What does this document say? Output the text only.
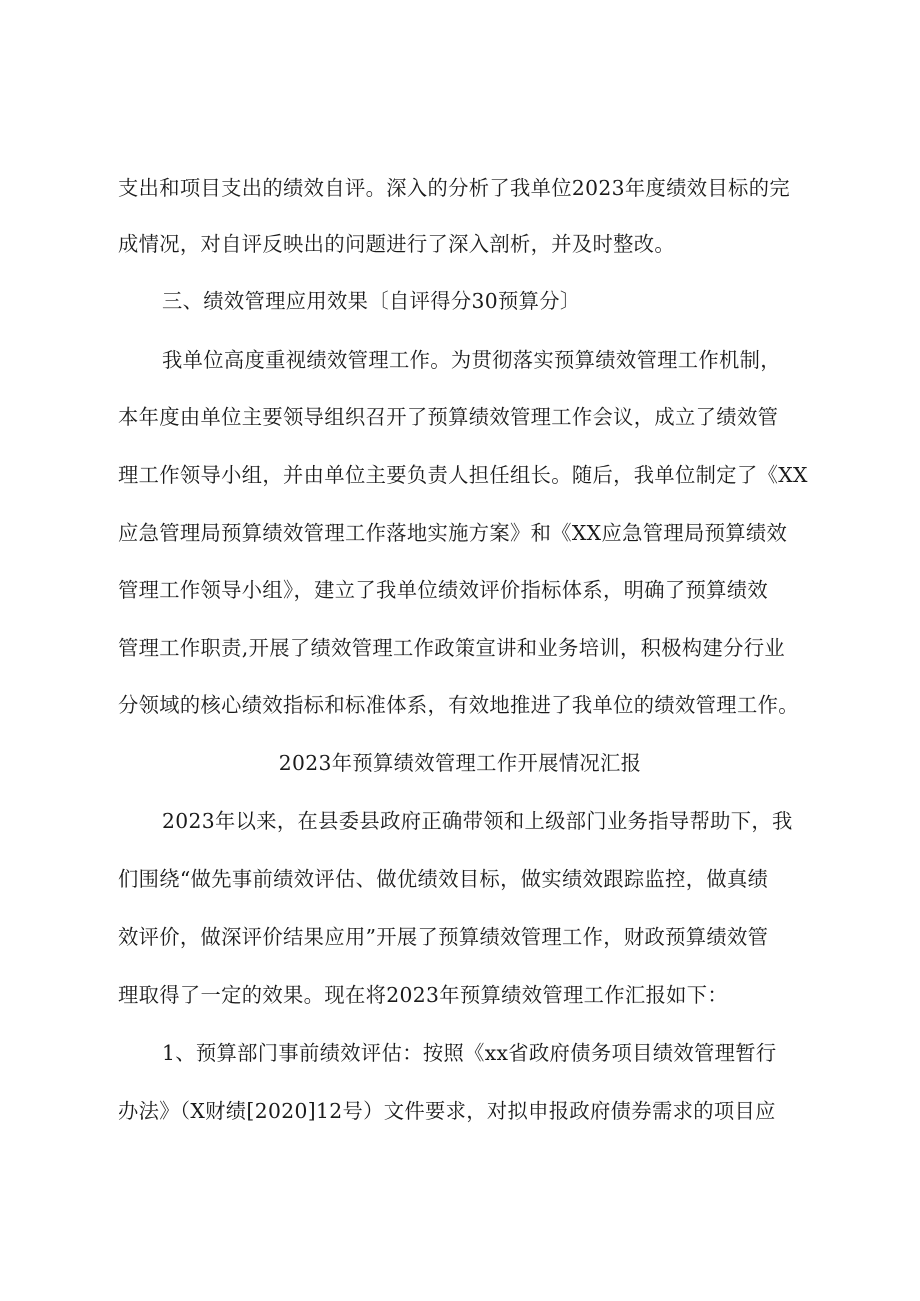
支出和项目支出的绩效自评。深入的分析了我单位2023年度绩效目标的完
成情况，对自评反映出的问题进行了深入剖析，并及时整改。
三、绩效管理应用效果〔自评得分30预算分〕
我单位高度重视绩效管理工作。为贯彻落实预算绩效管理工作机制，
本年度由单位主要领导组织召开了预算绩效管理工作会议，成立了绩效管
理工作领导小组，并由单位主要负责人担任组长。随后，我单位制定了《XX
应急管理局预算绩效管理工作落地实施方案》和《XX应急管理局预算绩效
管理工作领导小组》，建立了我单位绩效评价指标体系，明确了预算绩效
管理工作职责,开展了绩效管理工作政策宣讲和业务培训，积极构建分行业
分领域的核心绩效指标和标准体系，有效地推进了我单位的绩效管理工作。
2023年预算绩效管理工作开展情况汇报
2023年以来，在县委县政府正确带领和上级部门业务指导帮助下，我
们围绕“做先事前绩效评估、做优绩效目标，做实绩效跟踪监控，做真绩
效评价，做深评价结果应用”开展了预算绩效管理工作，财政预算绩效管
理取得了一定的效果。现在将2023年预算绩效管理工作汇报如下：
1、预算部门事前绩效评估：按照《xx省政府债务项目绩效管理暂行
办法》（X财绩[2020]12号）文件要求，对拟申报政府债券需求的项目应
